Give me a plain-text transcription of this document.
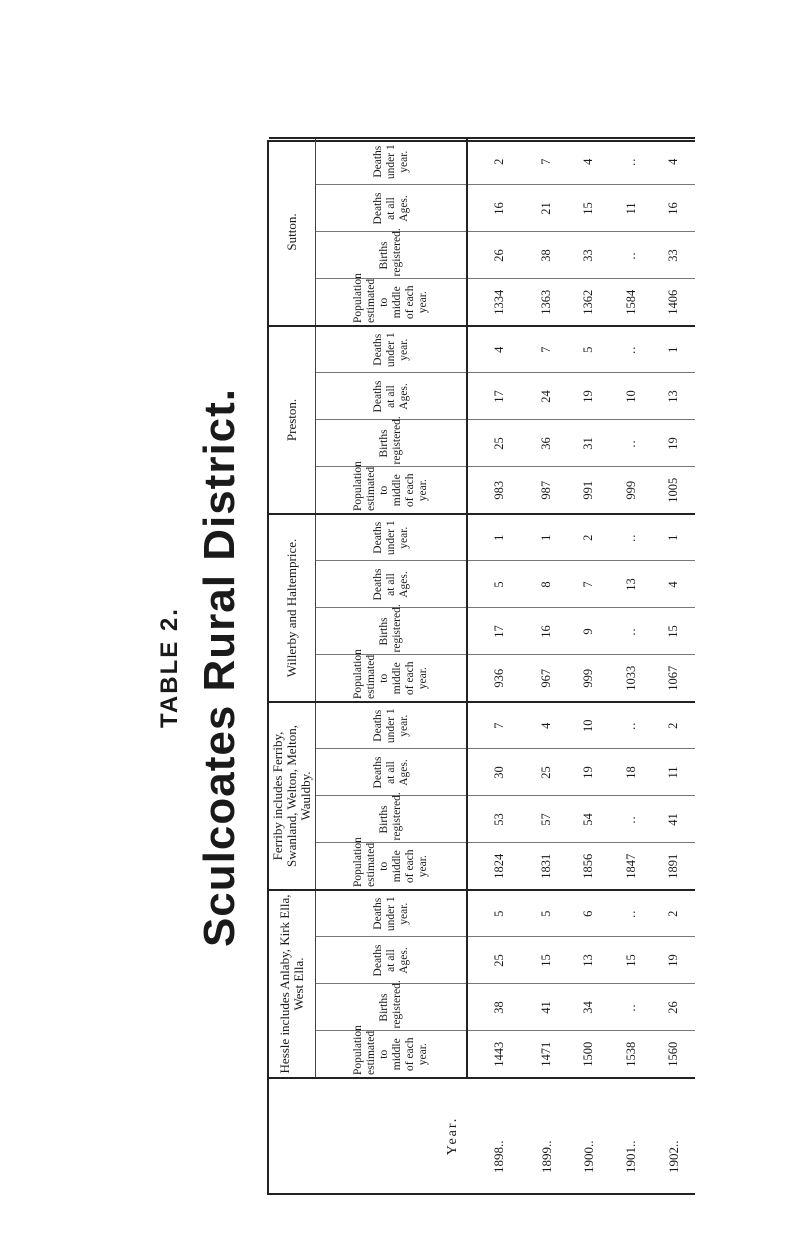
TABLE 2. Sculcoates Rural District.
Year.	Hessle includes Anlaby, Kirk Ella, West Ella.				Ferriby includes Ferriby, Swanland, Welton, Melton, Wauldby.				Willerby and Haltemprice.				Preston.				Sutton.			
	Population estimated to middle of each year.	Births registered.	Deaths at all Ages.	Deaths under 1 year.	Population estimated to middle of each year.	Births registered.	Deaths at all Ages.	Deaths under 1 year.	Population estimated to middle of each year.	Births registered.	Deaths at all Ages.	Deaths under 1 year.	Population estimated to middle of each year.	Births registered.	Deaths at all Ages.	Deaths under 1 year.	Population estimated to middle of each year.	Births registered.	Deaths at all Ages.	Deaths under 1 year.
1898..	1443	38	25	5	1824	53	30	7	936	17	5	1	983	25	17	4	1334	26	16	2
1899..	1471	41	15	5	1831	57	25	4	967	16	8	1	987	36	24	7	1363	38	21	7
1900..	1500	34	13	6	1856	54	19	10	999	9	7	2	991	31	19	5	1362	33	15	4
1901..	1538	..	15	..	1847	..	18	..	1033	..	13	..	999	..	10	..	1584	..	11	..
1902..	1560	26	19	2	1891	41	11	2	1067	15	4	1	1005	19	13	1	1406	33	16	4
